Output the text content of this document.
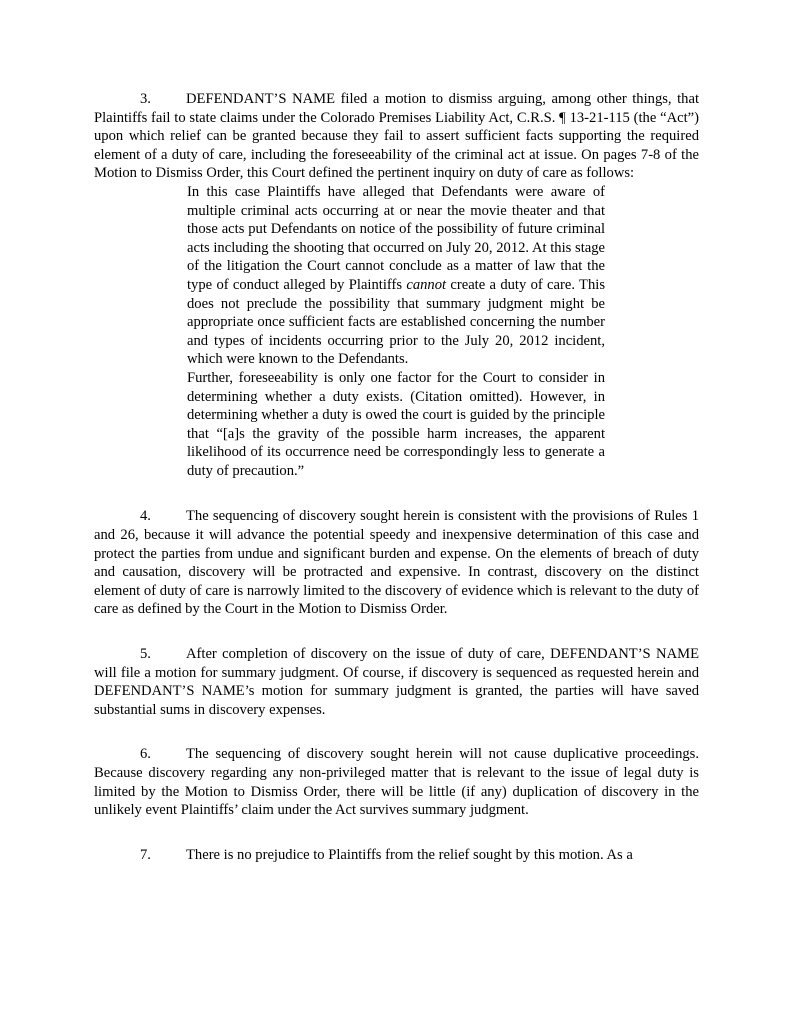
3. DEFENDANT’S NAME filed a motion to dismiss arguing, among other things, that Plaintiffs fail to state claims under the Colorado Premises Liability Act, C.R.S. ¶ 13-21-115 (the “Act”) upon which relief can be granted because they fail to assert sufficient facts supporting the required element of a duty of care, including the foreseeability of the criminal act at issue. On pages 7-8 of the Motion to Dismiss Order, this Court defined the pertinent inquiry on duty of care as follows:

In this case Plaintiffs have alleged that Defendants were aware of multiple criminal acts occurring at or near the movie theater and that those acts put Defendants on notice of the possibility of future criminal acts including the shooting that occurred on July 20, 2012. At this stage of the litigation the Court cannot conclude as a matter of law that the type of conduct alleged by Plaintiffs cannot create a duty of care. This does not preclude the possibility that summary judgment might be appropriate once sufficient facts are established concerning the number and types of incidents occurring prior to the July 20, 2012 incident, which were known to the Defendants.

Further, foreseeability is only one factor for the Court to consider in determining whether a duty exists. (Citation omitted). However, in determining whether a duty is owed the court is guided by the principle that “[a]s the gravity of the possible harm increases, the apparent likelihood of its occurrence need be correspondingly less to generate a duty of precaution.”

4. The sequencing of discovery sought herein is consistent with the provisions of Rules 1 and 26, because it will advance the potential speedy and inexpensive determination of this case and protect the parties from undue and significant burden and expense. On the elements of breach of duty and causation, discovery will be protracted and expensive. In contrast, discovery on the distinct element of duty of care is narrowly limited to the discovery of evidence which is relevant to the duty of care as defined by the Court in the Motion to Dismiss Order.

5. After completion of discovery on the issue of duty of care, DEFENDANT’S NAME will file a motion for summary judgment. Of course, if discovery is sequenced as requested herein and DEFENDANT’S NAME’s motion for summary judgment is granted, the parties will have saved substantial sums in discovery expenses.

6. The sequencing of discovery sought herein will not cause duplicative proceedings. Because discovery regarding any non-privileged matter that is relevant to the issue of legal duty is limited by the Motion to Dismiss Order, there will be little (if any) duplication of discovery in the unlikely event Plaintiffs’ claim under the Act survives summary judgment.

7. There is no prejudice to Plaintiffs from the relief sought by this motion. As a
